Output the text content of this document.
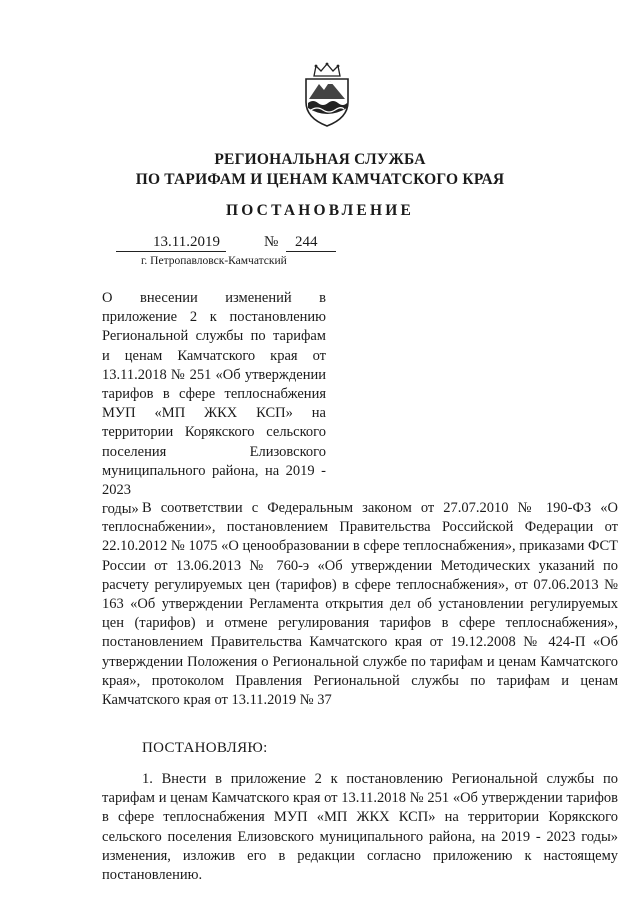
РЕГИОНАЛЬНАЯ СЛУЖБА
ПО ТАРИФАМ И ЦЕНАМ КАМЧАТСКОГО КРАЯ
ПОСТАНОВЛЕНИЕ
13.11.2019	№ 244
г. Петропавловск-Камчатский
О внесении изменений в приложение 2 к постановлению Региональной службы по тарифам и ценам Камчатского края от 13.11.2018 № 251 «Об утверждении тарифов в сфере теплоснабжения МУП «МП ЖКХ КСП» на территории Корякского сельского поселения Елизовского муниципального района, на 2019 - 2023
годы» В соответствии с Федеральным законом от 27.07.2010 № 190-ФЗ «О теплоснабжении», постановлением Правительства Российской Федерации от 22.10.2012 № 1075 «О ценообразовании в сфере теплоснабжения», приказами ФСТ России от 13.06.2013 № 760-э «Об утверждении Методических указаний по расчету регулируемых цен (тарифов) в сфере теплоснабжения», от 07.06.2013 № 163 «Об утверждении Регламента открытия дел об установлении регулируемых цен (тарифов) и отмене регулирования тарифов в сфере теплоснабжения», постановлением Правительства Камчатского края от 19.12.2008 № 424-П «Об утверждении Положения о Региональной службе по тарифам и ценам Камчатского края», протоколом Правления Региональной службы по тарифам и ценам Камчатского края от 13.11.2019 № 37
ПОСТАНОВЛЯЮ:
1. Внести в приложение 2 к постановлению Региональной службы по тарифам и ценам Камчатского края от 13.11.2018 № 251 «Об утверждении тарифов в сфере теплоснабжения МУП «МП ЖКХ КСП» на территории Корякского сельского поселения Елизовского муниципального района, на 2019 - 2023 годы» изменения, изложив его в редакции согласно приложению к настоящему постановлению.
